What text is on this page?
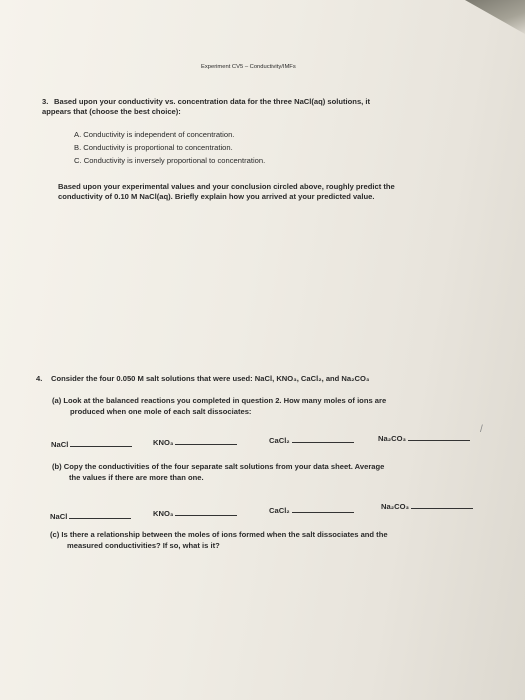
Experiment CV5 – Conductivity/IMFs
3. Based upon your conductivity vs. concentration data for the three NaCl(aq) solutions, it
appears that (choose the best choice):
A. Conductivity is independent of concentration.
B. Conductivity is proportional to concentration.
C. Conductivity is inversely proportional to concentration.
Based upon your experimental values and your conclusion circled above, roughly predict the
conductivity of 0.10 M NaCl(aq). Briefly explain how you arrived at your predicted value.
4. Consider the four 0.050 M salt solutions that were used: NaCl, KNO₃, CaCl₂, and Na₂CO₃
(a) Look at the balanced reactions you completed in question 2. How many moles of ions are
produced when one mole of each salt dissociates:
NaCl	KNO₃	CaCl₂	Na₂CO₃
/
(b) Copy the conductivities of the four separate salt solutions from your data sheet. Average
the values if there are more than one.
NaCl	KNO₃	CaCl₂	Na₂CO₃
(c) Is there a relationship between the moles of ions formed when the salt dissociates and the
measured conductivities? If so, what is it?
